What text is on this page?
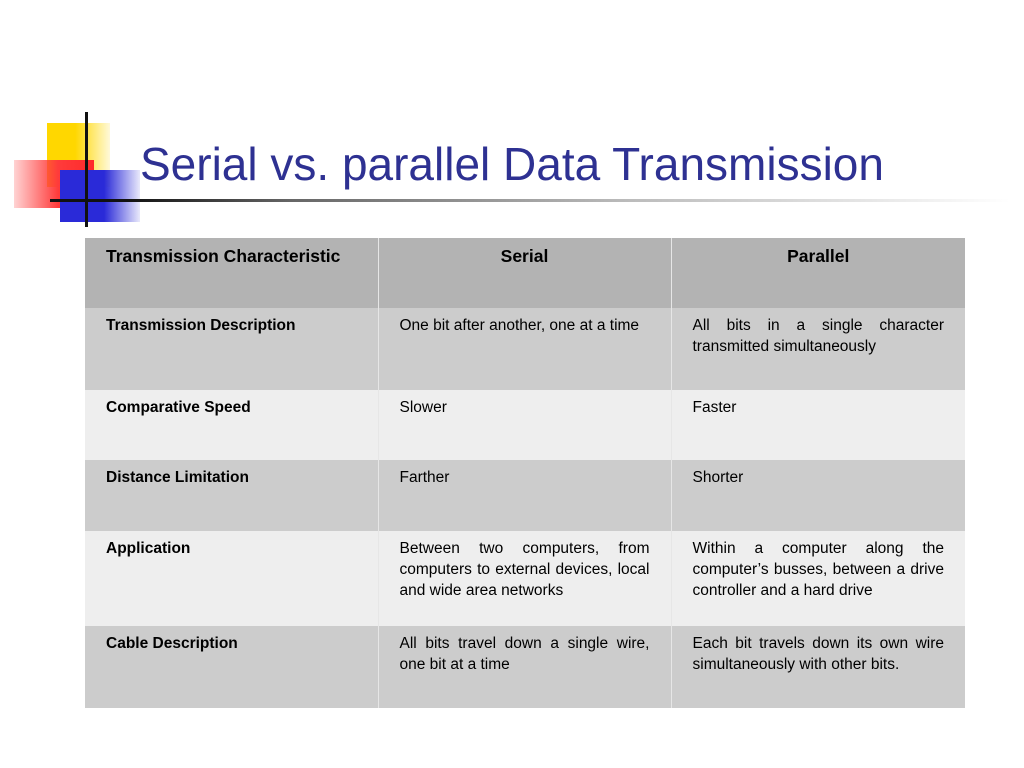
Serial vs. parallel Data Transmission
Transmission Characteristic	Serial	Parallel
Transmission Description	One bit after another, one at a time	All bits in a single character transmitted simultaneously
Comparative Speed	Slower	Faster
Distance Limitation	Farther	Shorter
Application	Between two computers, from computers to external devices, local and wide area networks	Within a computer along the computer’s busses, between a drive controller and a hard drive
Cable Description	All bits travel down a single wire, one bit at a time	Each bit travels down its own wire simultaneously with other bits.
